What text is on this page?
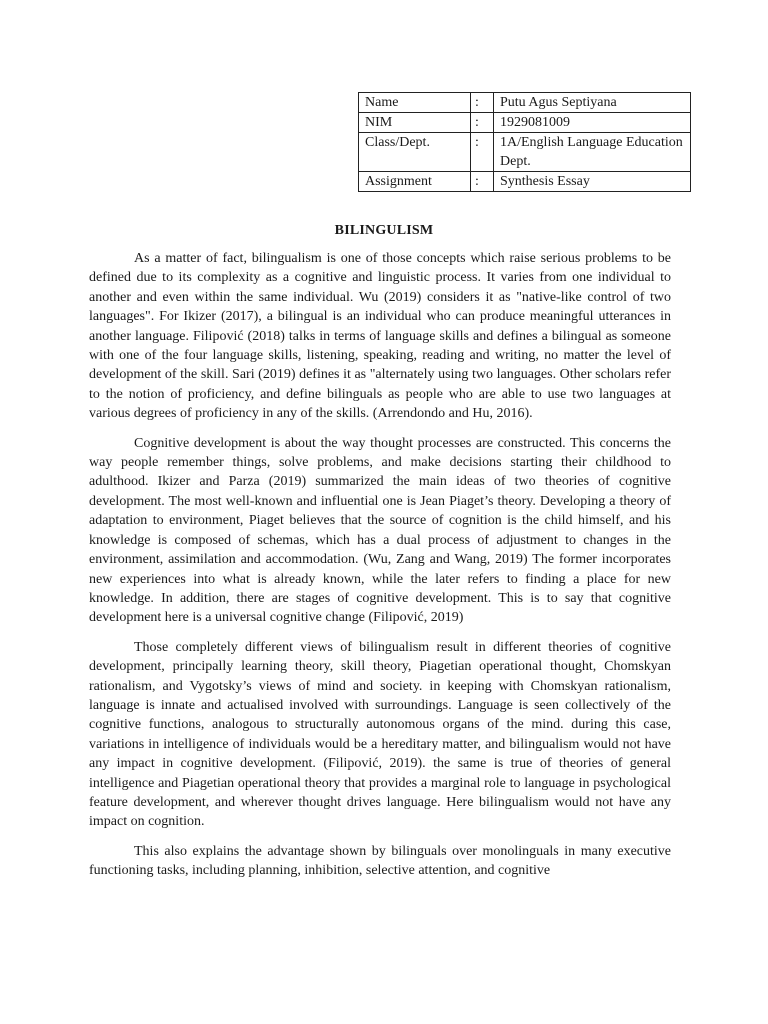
Name	:	Putu Agus Septiyana
NIM	:	1929081009
Class/Dept.	:	1A/English Language Education Dept.
Assignment	:	Synthesis Essay
BILINGULISM

As a matter of fact, bilingualism is one of those concepts which raise serious problems to be defined due to its complexity as a cognitive and linguistic process. It varies from one individual to another and even within the same individual. Wu (2019) considers it as "native-like control of two languages". For Ikizer (2017), a bilingual is an individual who can produce meaningful utterances in another language. Filipović (2018) talks in terms of language skills and defines a bilingual as someone with one of the four language skills, listening, speaking, reading and writing, no matter the level of development of the skill. Sari (2019) defines it as "alternately using two languages. Other scholars refer to the notion of proficiency, and define bilinguals as people who are able to use two languages at various degrees of proficiency in any of the skills. (Arrendondo and Hu, 2016).

Cognitive development is about the way thought processes are constructed. This concerns the way people remember things, solve problems, and make decisions starting their childhood to adulthood. Ikizer and Parza (2019) summarized the main ideas of two theories of cognitive development. The most well-known and influential one is Jean Piaget’s theory. Developing a theory of adaptation to environment, Piaget believes that the source of cognition is the child himself, and his knowledge is composed of schemas, which has a dual process of adjustment to changes in the environment, assimilation and accommodation. (Wu, Zang and Wang, 2019) The former incorporates new experiences into what is already known, while the later refers to finding a place for new knowledge. In addition, there are stages of cognitive development. This is to say that cognitive development here is a universal cognitive change (Filipović, 2019)

Those completely different views of bilingualism result in different theories of cognitive development, principally learning theory, skill theory, Piagetian operational thought, Chomskyan rationalism, and Vygotsky’s views of mind and society. in keeping with Chomskyan rationalism, language is innate and actualised involved with surroundings. Language is seen collectively of the cognitive functions, analogous to structurally autonomous organs of the mind. during this case, variations in intelligence of individuals would be a hereditary matter, and bilingualism would not have any impact in cognitive development. (Filipović, 2019). the same is true of theories of general intelligence and Piagetian operational theory that provides a marginal role to language in psychological feature development, and wherever thought drives language. Here bilingualism would not have any impact on cognition.

This also explains the advantage shown by bilinguals over monolinguals in many executive functioning tasks, including planning, inhibition, selective attention, and cognitive
